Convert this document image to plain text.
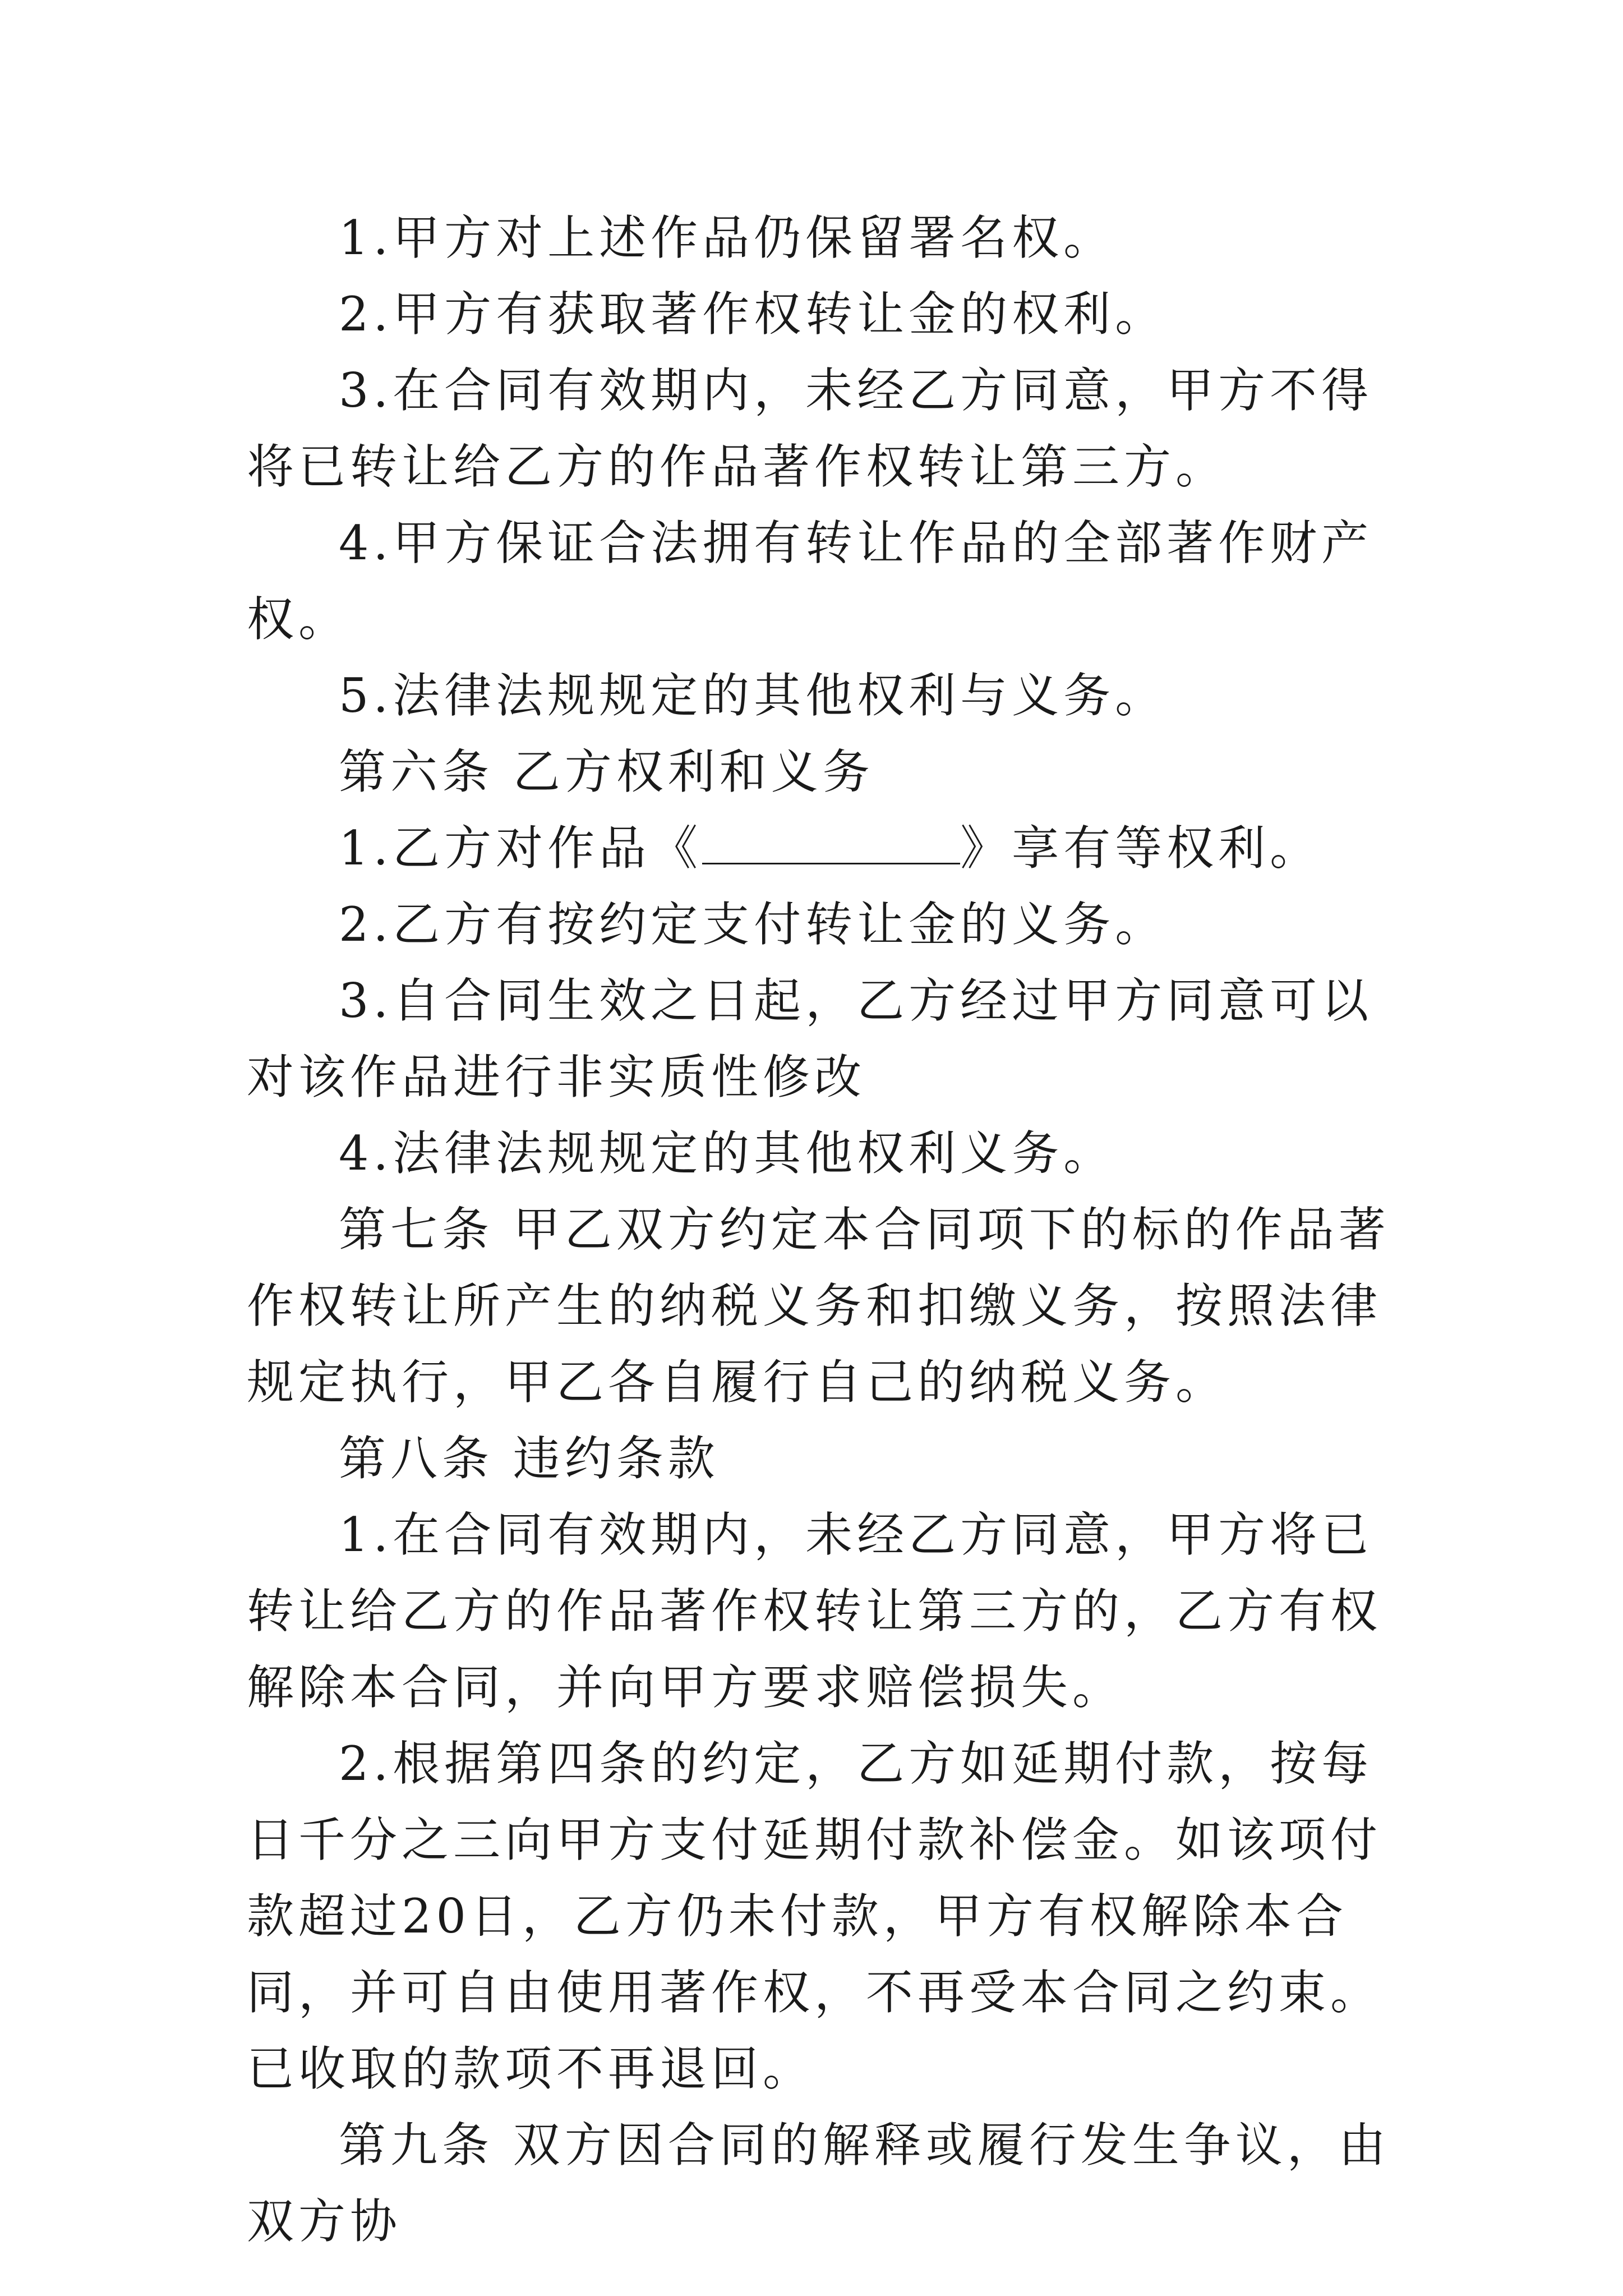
1.甲方对上述作品仍保留署名权。

2.甲方有获取著作权转让金的权利。

3.在合同有效期内，未经乙方同意，甲方不得将已转让给乙方的作品著作权转让第三方。

4.甲方保证合法拥有转让作品的全部著作财产权。

5.法律法规规定的其他权利与义务。

第六条 乙方权利和义务

1.乙方对作品《	》享有等权利。

2.乙方有按约定支付转让金的义务。

3.自合同生效之日起，乙方经过甲方同意可以对该作品进行非实质性修改

4.法律法规规定的其他权利义务。

第七条 甲乙双方约定本合同项下的标的作品著作权转让所产生的纳税义务和扣缴义务，按照法律规定执行，甲乙各自履行自己的纳税义务。

第八条 违约条款

1.在合同有效期内，未经乙方同意，甲方将已转让给乙方的作品著作权转让第三方的，乙方有权解除本合同，并向甲方要求赔偿损失。

2.根据第四条的约定，乙方如延期付款，按每日千分之三向甲方支付延期付款补偿金。如该项付款超过20日，乙方仍未付款，甲方有权解除本合同，并可自由使用著作权，不再受本合同之约束。已收取的款项不再退回。

第九条 双方因合同的解释或履行发生争议，由双方协
